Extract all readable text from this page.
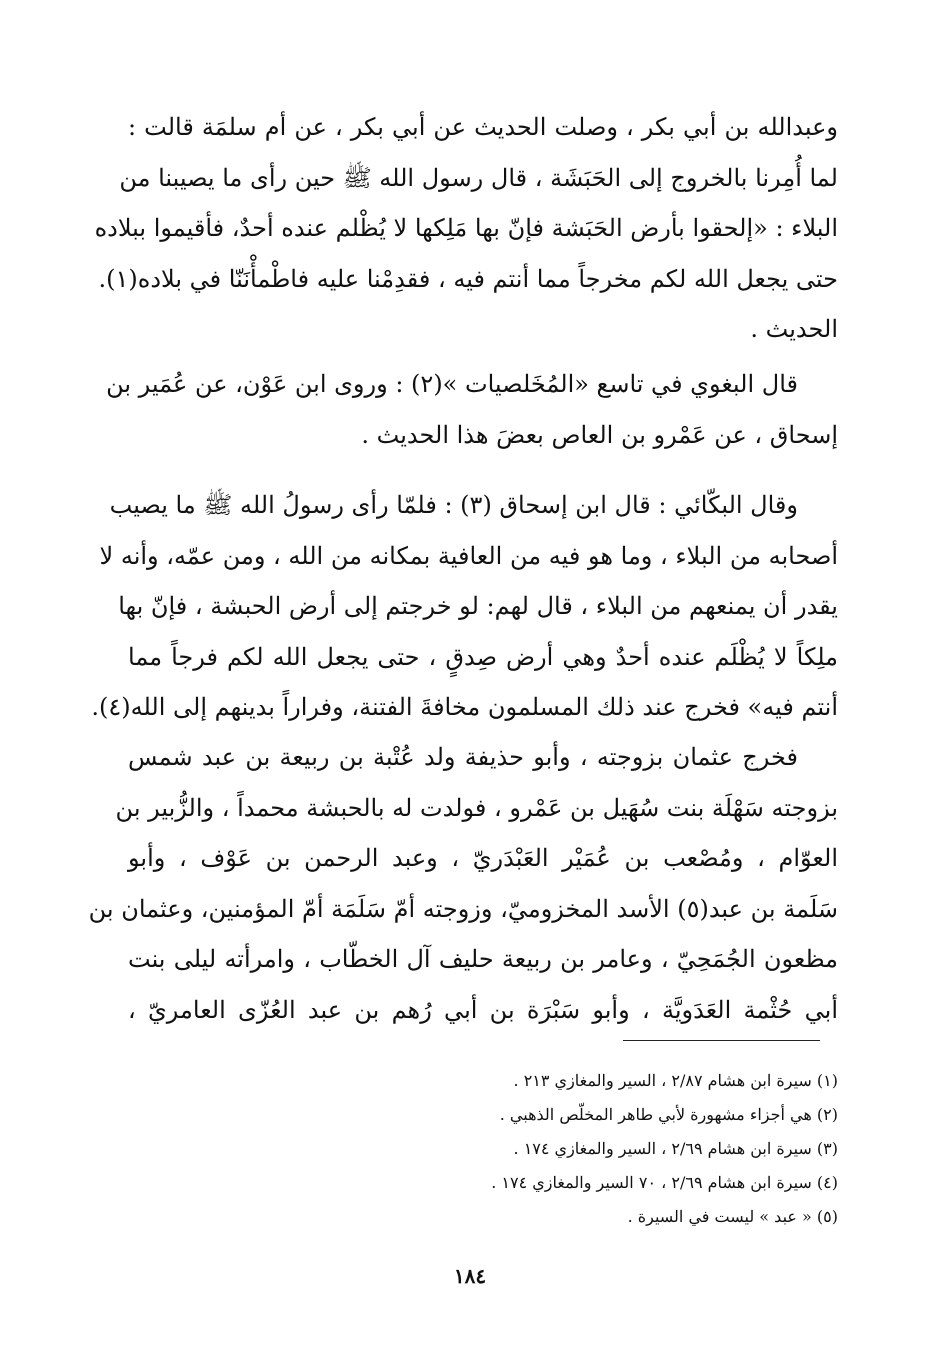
وعبدالله بن أبي بكر ، وصلت الحديث عن أبي بكر ، عن أم سلمَة قالت :
لما أُمِرنا بالخروج إلى الحَبَشَة ، قال رسول الله ﷺ حين رأى ما يصيبنا من
البلاء : «إلحقوا بأرض الحَبَشة فإنّ بها مَلِكها لا يُظْلم عنده أحدٌ، فأقيموا ببلاده
حتى يجعل الله لكم مخرجاً مما أنتم فيه ، فقدِمْنا عليه فاطْمأْنَنّا في بلاده(١).
الحديث .
قال البغوي في تاسع «المُخَلصيات »(٢) : وروى ابن عَوْن، عن عُمَير بن
إسحاق ، عن عَمْرو بن العاص بعضَ هذا الحديث .
وقال البكّائي : قال ابن إسحاق (٣) : فلمّا رأى رسولُ الله ﷺ ما يصيب
أصحابه من البلاء ، وما هو فيه من العافية بمكانه من الله ، ومن عمّه، وأنه لا
يقدر أن يمنعهم من البلاء ، قال لهم: لو خرجتم إلى أرض الحبشة ، فإنّ بها
ملِكاً لا يُظْلَم عنده أحدٌ وهي أرض صِدقٍ ، حتى يجعل الله لكم فرجاً مما
أنتم فيه» فخرج عند ذلك المسلمون مخافةَ الفتنة، وفراراً بدينهم إلى الله(٤).
فخرج عثمان بزوجته ، وأبو حذيفة ولد عُتْبة بن ربيعة بن عبد شمس
بزوجته سَهْلَة بنت سُهَيل بن عَمْرو ، فولدت له بالحبشة محمداً ، والزُّبير بن
العوّام ، ومُصْعب بن عُمَيْر العَبْدَريّ ، وعبد الرحمن بن عَوْف ، وأبو
سَلَمة بن عبد(٥) الأسد المخزوميّ، وزوجته أمّ سَلَمَة أمّ المؤمنين، وعثمان بن
مظعون الجُمَحِيّ ، وعامر بن ربيعة حليف آل الخطّاب ، وامرأته ليلى بنت
أبي حُثْمة العَدَويَّة ، وأبو سَبْرَة بن أبي رُهم بن عبد العُزّى العامريّ ،
(١) سيرة ابن هشام ٢/٨٧ ، السير والمغازي ٢١٣ .
(٢) هي أجزاء مشهورة لأبي طاهر المخلّص الذهبي .
(٣) سيرة ابن هشام ٢/٦٩ ، السير والمغازي ١٧٤ .
(٤) سيرة ابن هشام ٢/٦٩ ، ٧٠ السير والمغازي ١٧٤ .
(٥) « عبد » ليست في السيرة .
١٨٤
